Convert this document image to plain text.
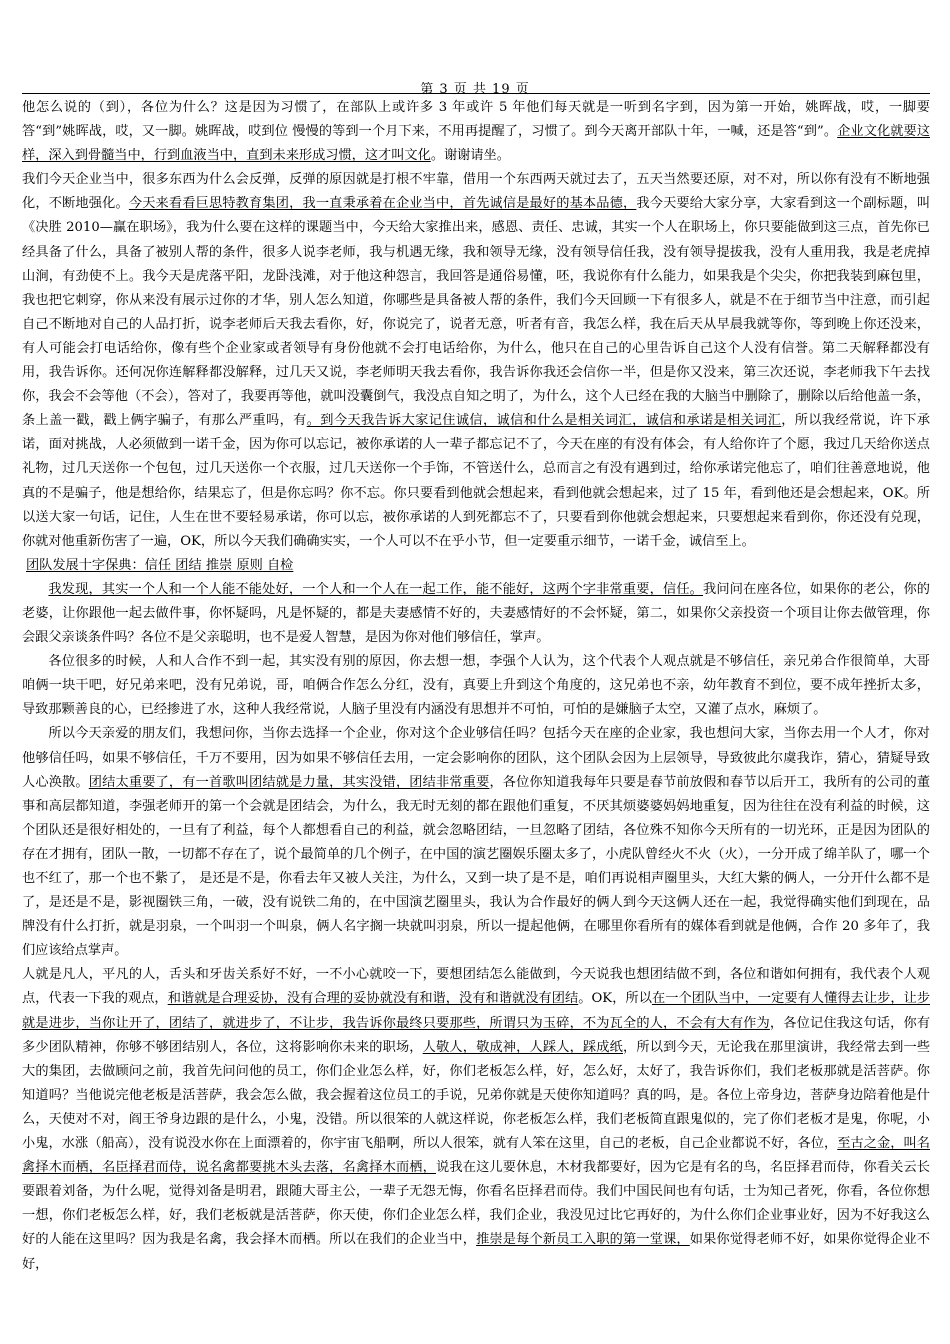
第 3 页 共 19 页

他怎么说的（到），各位为什么？这是因为习惯了，在部队上或许多 3 年或许 5 年他们每天就是一听到名字到，因为第一开始，姚晖战，哎，一脚要答“到”姚晖战，哎，又一脚。姚晖战，哎到位 慢慢的等到一个月下来，不用再提醒了，习惯了。到今天离开部队十年，一喊，还是答“到”。企业文化就要这样，深入到骨髓当中，行到血液当中，直到未来形成习惯，这才叫文化。谢谢请坐。

我们今天企业当中，很多东西为什么会反弹，反弹的原因就是打根不牢靠，借用一个东西两天就过去了，五天当然要还原，对不对，所以你有没有不断地强化，不断地强化。今天来看看巨思特教育集团，我一直秉承着在企业当中，首先诚信是最好的基本品德，我今天要给大家分享，大家看到这一个副标题，叫《决胜 2010—赢在职场》，我为什么要在这样的课题当中，今天给大家推出来，感恩、责任、忠诚，其实一个人在职场上，你只要能做到这三点，首先你已经具备了什么，具备了被别人帮的条件，很多人说李老师，我与机遇无缘，我和领导无缘，没有领导信任我，没有领导提拔我，没有人重用我，我是老虎掉山涧，有劲使不上。我今天是虎落平阳，龙卧浅滩，对于他这种怨言，我回答是通俗易懂，呸，我说你有什么能力，如果我是个尖尖，你把我装到麻包里，我也把它刺穿，你从来没有展示过你的才华，别人怎么知道，你哪些是具备被人帮的条件，我们今天回顾一下有很多人，就是不在于细节当中注意，而引起自己不断地对自己的人品打折，说李老师后天我去看你，好，你说完了，说者无意，听者有音，我怎么样，我在后天从早晨我就等你，等到晚上你还没来，有人可能会打电话给你，像有些个企业家或者领导有身份他就不会打电话给你，为什么，他只在自己的心里告诉自己这个人没有信誉。第二天解释都没有用，我告诉你。还何况你连解释都没解释，过几天又说，李老师明天我去看你，我告诉你我还会信你一半，但是你又没来，第三次还说，李老师我下午去找你，我会不会等他（不会），答对了，我要再等他，就叫没囊倒气，我没点自知之明了，为什么，这个人已经在我的大脑当中删除了，删除以后给他盖一条，条上盖一戳，戳上俩字骗子，有那么严重吗，有。到今天我告诉大家记住诚信，诚信和什么是相关词汇，诚信和承诺是相关词汇，所以我经常说，许下承诺，面对挑战，人必须做到一诺千金，因为你可以忘记，被你承诺的人一辈子都忘记不了，今天在座的有没有体会，有人给你许了个愿，我过几天给你送点礼物，过几天送你一个包包，过几天送你一个衣服，过几天送你一个手饰，不管送什么，总而言之有没有遇到过，给你承诺完他忘了，咱们往善意地说，他真的不是骗子，他是想给你，结果忘了，但是你忘吗？你不忘。你只要看到他就会想起来，看到他就会想起来，过了 15 年，看到他还是会想起来，OK。所以送大家一句话，记住，人生在世不要轻易承诺，你可以忘，被你承诺的人到死都忘不了，只要看到你他就会想起来，只要想起来看到你，你还没有兑现，你就对他重新伤害了一遍，OK，所以今天我们确确实实，一个人可以不在乎小节，但一定要重示细节，一诺千金，诚信至上。

团队发展十字保典：信任 团结 推崇 原则 自检

我发现，其实一个人和一个人能不能处好，一个人和一个人在一起工作，能不能好，这两个字非常重要，信任。我问问在座各位，如果你的老公，你的老婆，让你跟他一起去做件事，你怀疑吗，凡是怀疑的，都是夫妻感情不好的，夫妻感情好的不会怀疑，第二，如果你父亲投资一个项目让你去做管理，你会跟父亲谈条件吗？各位不是父亲聪明，也不是爱人智慧，是因为你对他们够信任，掌声。

各位很多的时候，人和人合作不到一起，其实没有别的原因，你去想一想，李强个人认为，这个代表个人观点就是不够信任，亲兄弟合作很简单，大哥咱俩一块干吧，好兄弟来吧，没有兄弟说，哥，咱俩合作怎么分红，没有，真要上升到这个角度的，这兄弟也不亲，幼年教育不到位，要不成年挫折太多，导致那颗善良的心，已经掺进了水，这种人我经常说，人脑子里没有内涵没有思想并不可怕，可怕的是嫌脑子太空，又灌了点水，麻烦了。

所以今天亲爱的朋友们，我想问你，当你去选择一个企业，你对这个企业够信任吗？包括今天在座的企业家，我也想问大家，当你去用一个人才，你对他够信任吗，如果不够信任，千万不要用，因为如果不够信任去用，一定会影响你的团队，这个团队会因为上层领导，导致彼此尔虞我诈，猜心，猜疑导致人心涣散。团结太重要了，有一首歌叫团结就是力量，其实没错，团结非常重要，各位你知道我每年只要是春节前放假和春节以后开工，我所有的公司的董事和高层都知道，李强老师开的第一个会就是团结会，为什么，我无时无刻的都在跟他们重复，不厌其烦婆婆妈妈地重复，因为往往在没有利益的时候，这个团队还是很好相处的，一旦有了利益，每个人都想看自己的利益，就会忽略团结，一旦忽略了团结，各位殊不知你今天所有的一切光环，正是因为团队的存在才拥有，团队一散，一切都不存在了，说个最简单的几个例子，在中国的演艺圈娱乐圈太多了，小虎队曾经火不火（火），一分开成了绵羊队了，哪一个也不红了，那一个也不紫了， 是还是不是，你看去年又被人关注，为什么，又到一块了是不是，咱们再说相声圈里头，大红大紫的俩人，一分开什么都不是了，是还是不是，影视圈铁三角，一破，没有说铁二角的，在中国演艺圈里头，我认为合作最好的俩人到今天这俩人还在一起，我觉得确实他们到现在，品牌没有什么打折，就是羽泉，一个叫羽一个叫泉，俩人名字搁一块就叫羽泉，所以一提起他俩，在哪里你看所有的媒体看到就是他俩，合作 20 多年了，我们应该给点掌声。

人就是凡人，平凡的人，舌头和牙齿关系好不好，一不小心就咬一下，要想团结怎么能做到，今天说我也想团结做不到，各位和谐如何拥有，我代表个人观点，代表一下我的观点，和谐就是合理妥协，没有合理的妥协就没有和谐，没有和谐就没有团结。OK，所以在一个团队当中，一定要有人懂得去让步，让步就是进步，当你让开了，团结了，就进步了，不让步，我告诉你最终只要那些，所谓只为玉碎，不为瓦全的人，不会有大有作为，各位记住我这句话，你有多少团队精神，你够不够团结别人，各位，这将影响你未来的职场，人敬人，敬成神，人踩人，踩成纸，所以到今天，无论我在那里演讲，我经常去到一些大的集团，去做顾问之前，我首先问问他的员工，你们企业怎么样，好，你们老板怎么样，好，怎么好，太好了，我告诉你们，我们老板那就是活菩萨。你知道吗？当他说完他老板是活菩萨，我会怎么做，我会握着这位员工的手说，兄弟你就是天使你知道吗？真的吗，是。各位上帝身边，菩萨身边陪着他是什么，天使对不对，阎王爷身边跟的是什么，小鬼，没错。所以很笨的人就这样说，你老板怎么样，我们老板简直跟鬼似的，完了你们老板才是鬼，你呢，小小鬼，水涨（船高），没有说没水你在上面漂着的，你宇宙飞船啊，所以人很笨，就有人笨在这里，自己的老板，自己企业都说不好，各位，至古之金，叫名禽择木而栖，名臣择君而侍，说名禽都要挑木头去落，名禽择木而栖，说我在这儿要休息，木材我都要好，因为它是有名的鸟，名臣择君而侍，你看关云长要跟着刘备，为什么呢，觉得刘备是明君，跟随大哥主公，一辈子无怨无悔，你看名臣择君而侍。我们中国民间也有句话，士为知己者死，你看，各位你想一想，你们老板怎么样，好，我们老板就是活菩萨，你天使，你们企业怎么样，我们企业，我没见过比它再好的，为什么你们企业事业好，因为不好我这么好的人能在这里吗？因为我是名禽，我会择木而栖。所以在我们的企业当中，推崇是每个新员工入职的第一堂课，如果你觉得老师不好，如果你觉得企业不好，
